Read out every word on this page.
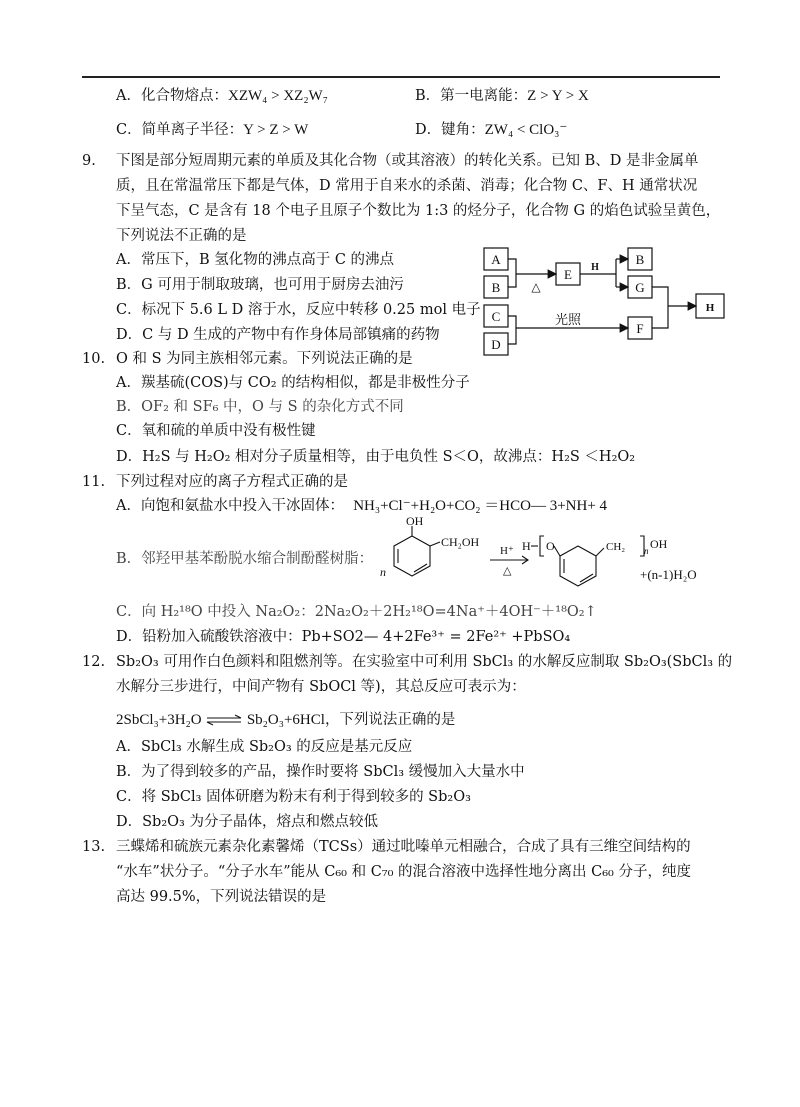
A．化合物熔点：XZW₄ > XZ₂W₇	B．第一电离能：Z > Y > X
C．简单离子半径：Y > Z > W	D．键角：ZW₄ < ClO₃⁻
9. 下图是部分短周期元素的单质及其化合物（或其溶液）的转化关系。已知 B、D 是非金属单
质，且在常温常压下都是气体，D 常用于自来水的杀菌、消毒；化合物 C、F、H 通常状况
下呈气态，C 是含有 18 个电子且原子个数比为 1:3 的烃分子，化合物 G 的焰色试验呈黄色，
下列说法不正确的是
A．常压下，B 氢化物的沸点高于 C 的沸点
B．G 可用于制取玻璃，也可用于厨房去油污
C．标况下 5.6 L D 溶于水，反应中转移 0.25 mol 电子
D．C 与 D 生成的产物中有作身体局部镇痛的药物
A
B
C
D
E
B
G
F
H
△
H
光照
10. O 和 S 为同主族相邻元素。下列说法正确的是
A．羰基硫(COS)与 CO₂ 的结构相似，都是非极性分子
B．OF₂ 和 SF₆ 中，O 与 S 的杂化方式不同
C．氧和硫的单质中没有极性键
D．H₂S 与 H₂O₂ 相对分子质量相等，由于电负性 S＜O，故沸点：H₂S ＜H₂O₂
11. 下列过程对应的离子方程式正确的是
A．向饱和氨盐水中投入干冰固体： NH₃+Cl⁻+H₂O+CO₂ ＝HCO— 3+NH+ 4
B．邻羟甲基苯酚脱水缩合制酚醛树脂：
OH
CH₂OH
n
H⁺
△
H O	CH₂ n OH
+(n-1)H₂O
C．向 H₂¹⁸O 中投入 Na₂O₂：2Na₂O₂＋2H₂¹⁸O=4Na⁺＋4OH⁻＋¹⁸O₂↑
D．铅粉加入硫酸铁溶液中：Pb+SO2— 4+2Fe³⁺ = 2Fe²⁺ +PbSO₄
12. Sb₂O₃ 可用作白色颜料和阻燃剂等。在实验室中可利用 SbCl₃ 的水解反应制取 Sb₂O₃(SbCl₃ 的
水解分三步进行，中间产物有 SbOCl 等)，其总反应可表示为：
2SbCl₃+3H₂O ⇌ Sb₂O₃+6HCl，下列说法正确的是
A．SbCl₃ 水解生成 Sb₂O₃ 的反应是基元反应
B．为了得到较多的产品，操作时要将 SbCl₃ 缓慢加入大量水中
C．将 SbCl₃ 固体研磨为粉末有利于得到较多的 Sb₂O₃
D．Sb₂O₃ 为分子晶体，熔点和燃点较低
13. 三蝶烯和硫族元素杂化素馨烯（TCSs）通过吡嗪单元相融合，合成了具有三维空间结构的
“水车”状分子。“分子水车”能从 C₆₀ 和 C₇₀ 的混合溶液中选择性地分离出 C₆₀ 分子，纯度
高达 99.5%，下列说法错误的是
